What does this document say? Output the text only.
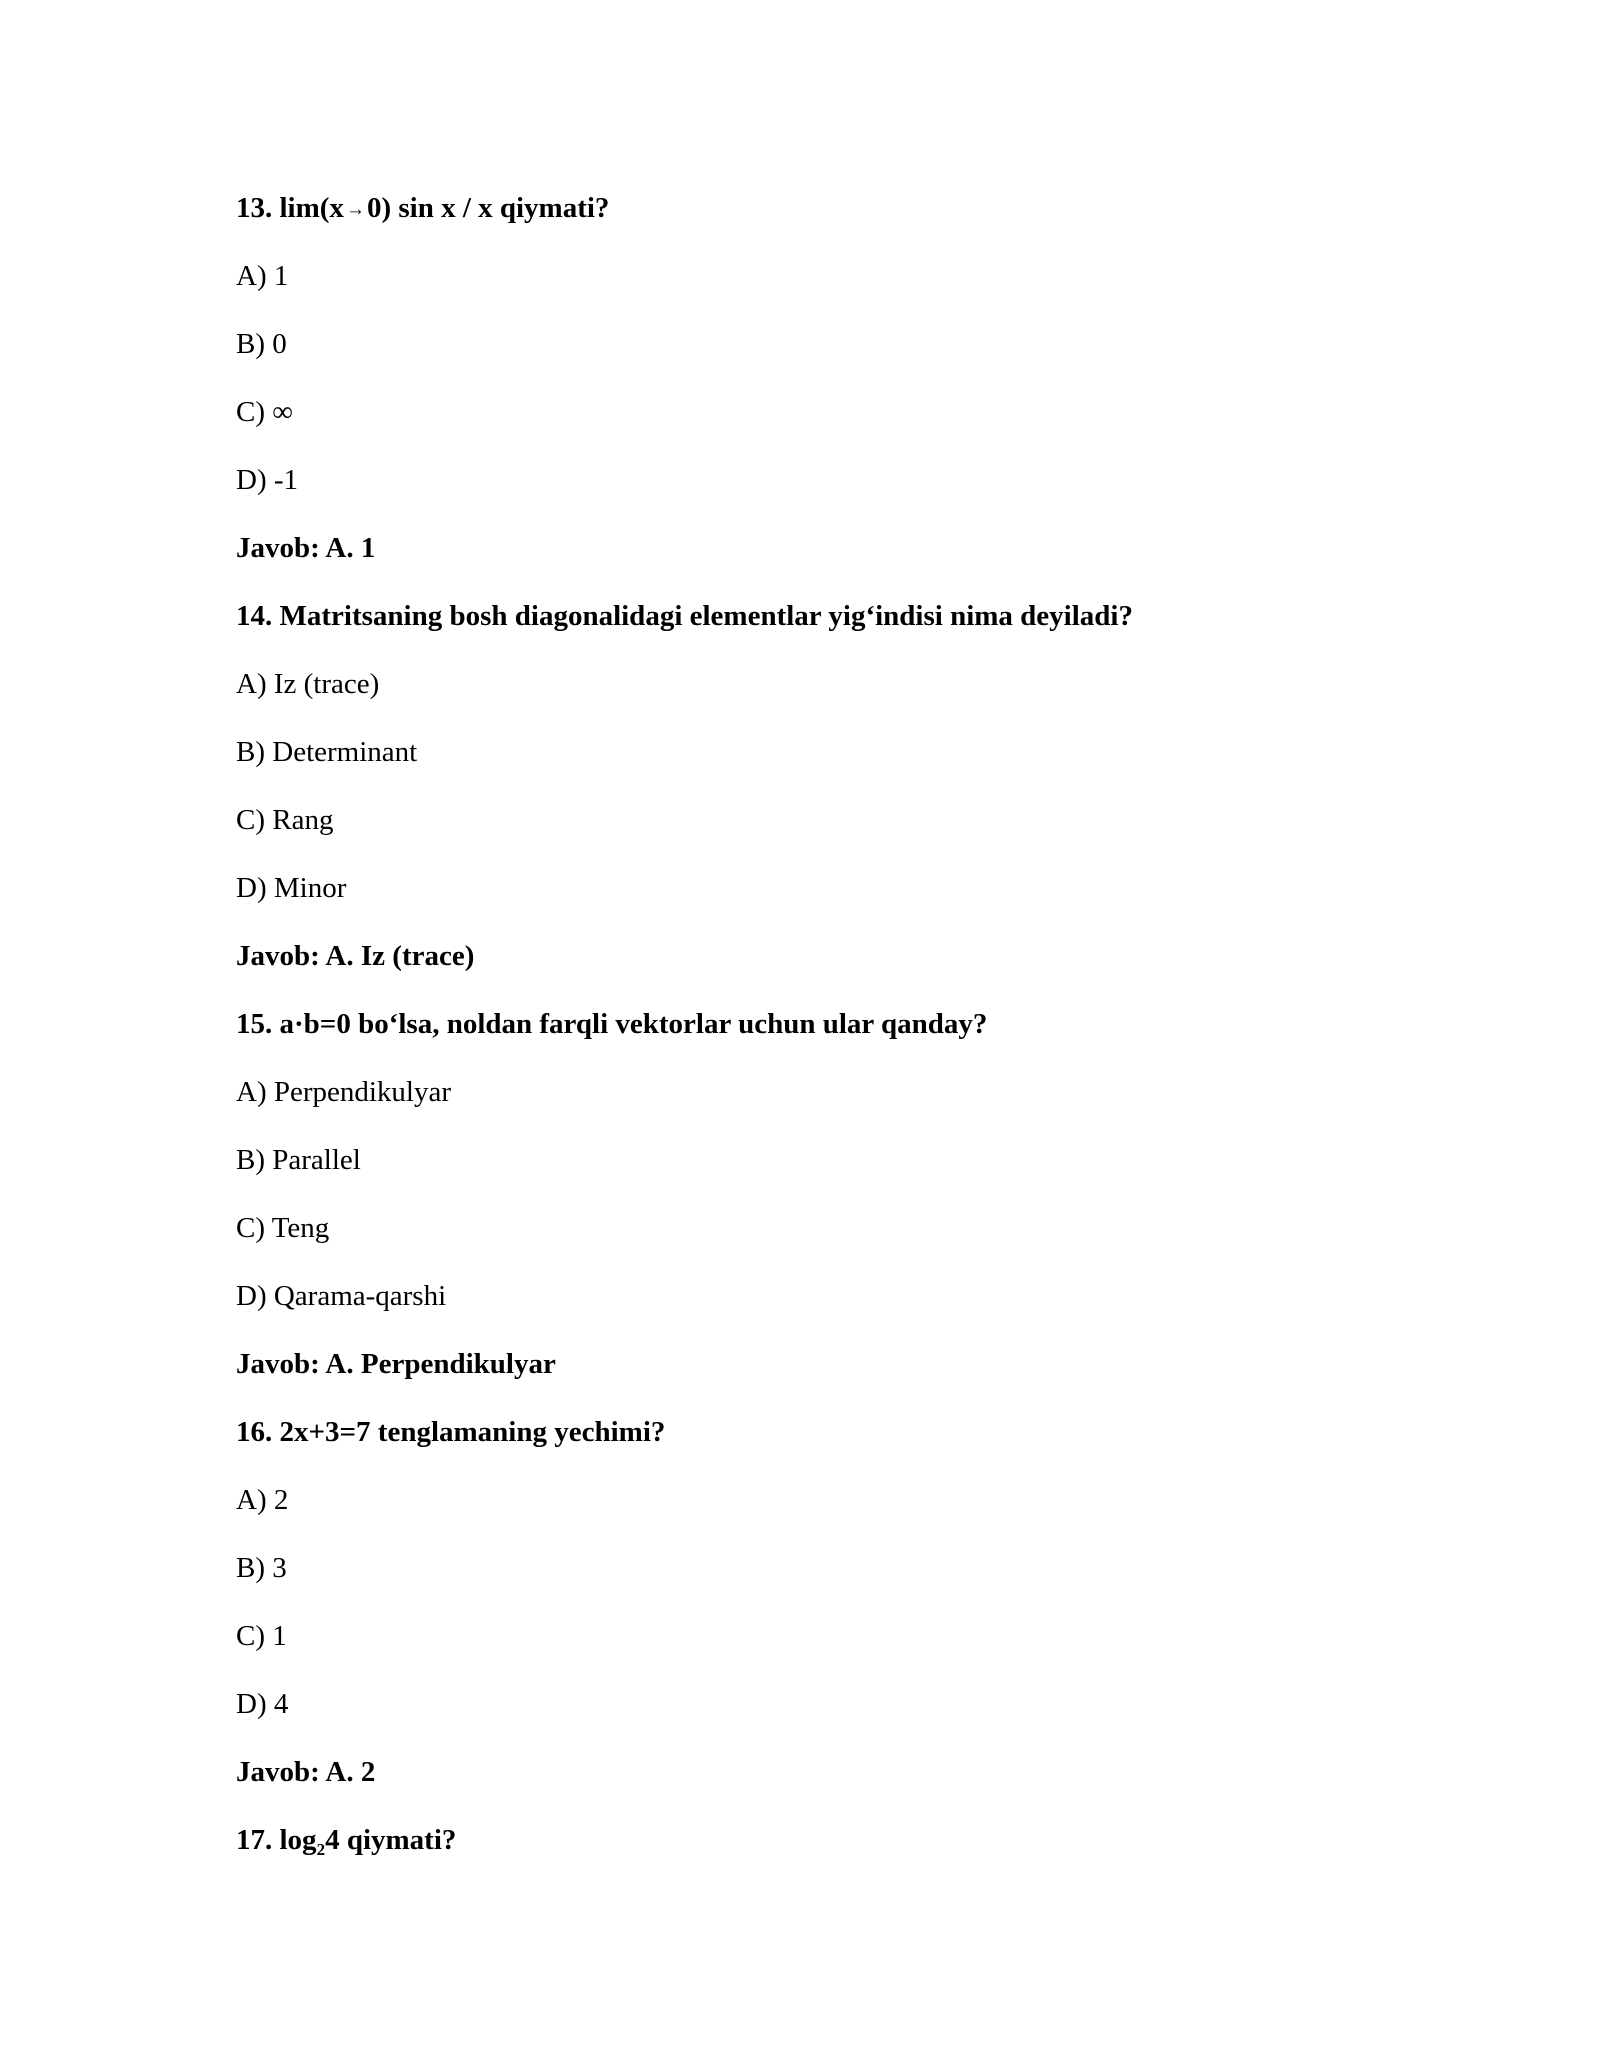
13. lim(x →0) sin x / x qiymati?
A) 1
B) 0
C) ∞
D) -1
Javob: A. 1
14. Matritsaning bosh diagonalidagi elementlar yig‘indisi nima deyiladi?
A) Iz (trace)
B) Determinant
C) Rang
D) Minor
Javob: A. Iz (trace)
15. a·b=0 bo‘lsa, noldan farqli vektorlar uchun ular qanday?
A) Perpendikulyar
B) Parallel
C) Teng
D) Qarama-qarshi
Javob: A. Perpendikulyar
16. 2x+3=7 tenglamaning yechimi?
A) 2
B) 3
C) 1
D) 4
Javob: A. 2
17. $\log_24$ qiymati?
